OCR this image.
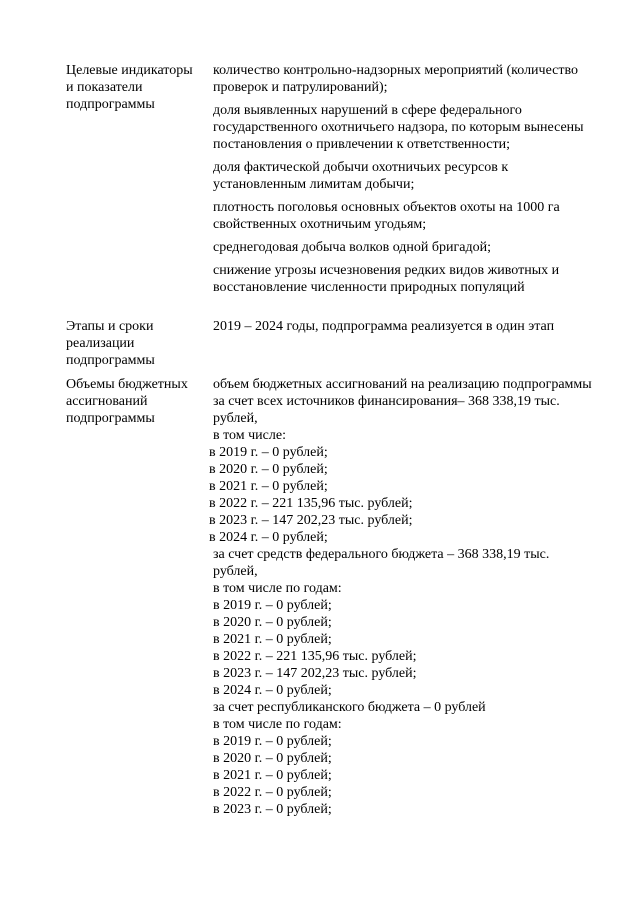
Целевые индикаторы и показатели подпрограммы

количество контрольно-надзорных мероприятий (количество проверок и патрулирований);

доля выявленных нарушений в сфере федерального государственного охотничьего надзора, по которым вынесены постановления о привлечении к ответственности;

доля фактической добычи охотничьих ресурсов к установленным лимитам добычи;

плотность поголовья основных объектов охоты на 1000 га свойственных охотничьим угодьям;

среднегодовая добыча волков одной бригадой;

снижение угрозы исчезновения редких видов животных и восстановление численности природных популяций

Этапы и сроки реализации подпрограммы
2019 – 2024 годы, подпрограмма реализуется в один этап
Объемы бюджетных ассигнований подпрограммы

объем бюджетных ассигнований на реализацию подпрограммы за счет всех источников финансирования– 368 338,19 тыс. рублей,

в том числе:

в 2019 г. – 0 рублей;

в 2020 г. – 0 рублей;

в 2021 г. – 0 рублей;

в 2022 г. – 221 135,96 тыс. рублей;

в 2023 г. – 147 202,23 тыс. рублей;

в 2024 г. – 0 рублей;

за счет средств федерального бюджета – 368 338,19 тыс. рублей,

в том числе по годам:

в 2019 г. – 0 рублей;

в 2020 г. – 0 рублей;

в 2021 г. – 0 рублей;

в 2022 г. – 221 135,96 тыс. рублей;

в 2023 г. – 147 202,23 тыс. рублей;

в 2024 г. – 0 рублей;

за счет республиканского бюджета – 0 рублей

в том числе по годам:

в 2019 г. – 0 рублей;

в 2020 г. – 0 рублей;

в 2021 г. – 0 рублей;

в 2022 г. – 0 рублей;

в 2023 г. – 0 рублей;
